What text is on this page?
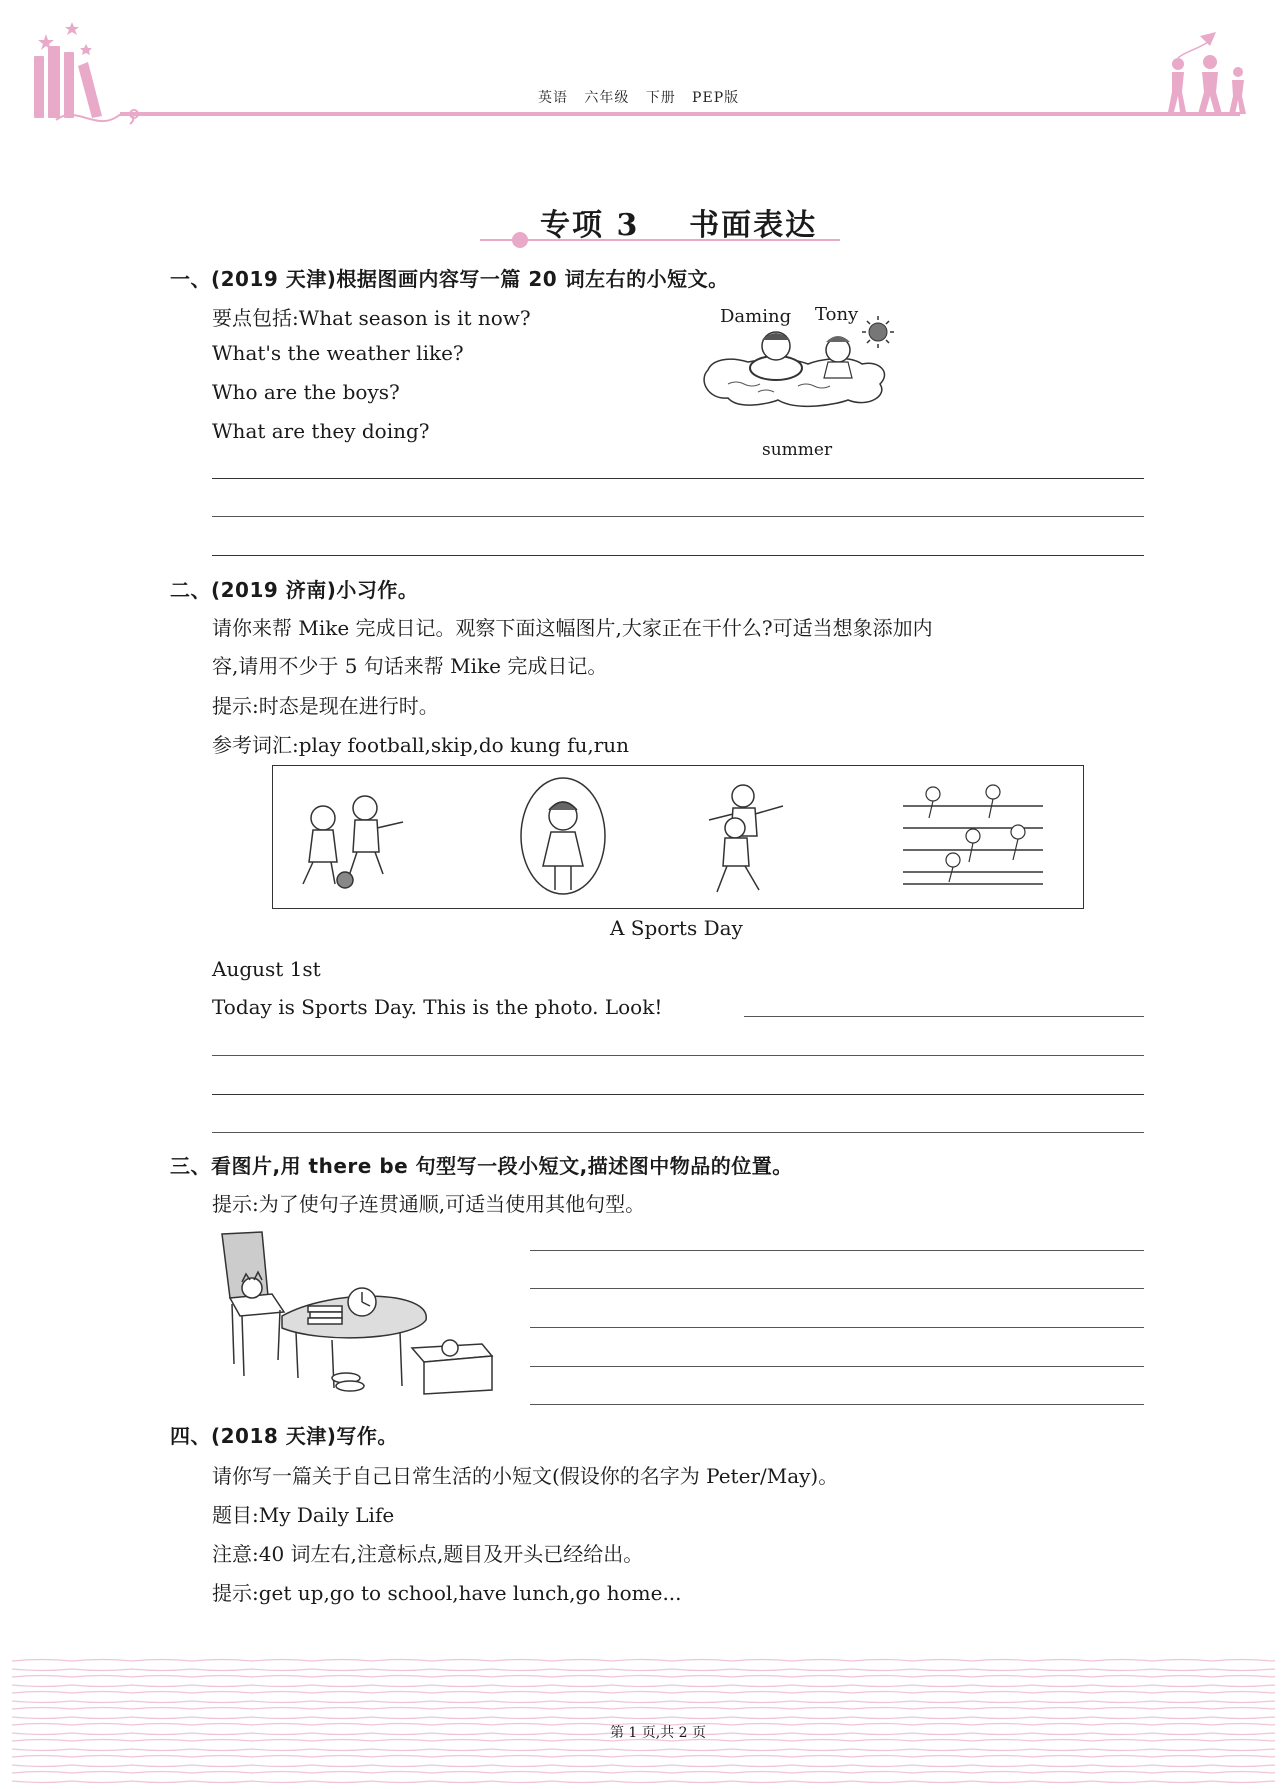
英语   六年级   下册   PEP版
专项 3    书面表达
一、(2019 天津)根据图画内容写一篇 20 词左右的小短文。
要点包括:What season is it now?
What's the weather like?
Who are the boys?
What are they doing?
Daming Tony
summer
二、(2019 济南)小习作。
请你来帮 Mike 完成日记。观察下面这幅图片,大家正在干什么?可适当想象添加内
容,请用不少于 5 句话来帮 Mike 完成日记。
提示:时态是现在进行时。
参考词汇:play football,skip,do kung fu,run
A Sports Day
August 1st
Today is Sports Day. This is the photo. Look!
三、看图片,用 there be 句型写一段小短文,描述图中物品的位置。
提示:为了使句子连贯通顺,可适当使用其他句型。
四、(2018 天津)写作。
请你写一篇关于自己日常生活的小短文(假设你的名字为 Peter/May)。
题目:My Daily Life
注意:40 词左右,注意标点,题目及开头已经给出。
提示:get up,go to school,have lunch,go home...
第 1 页,共 2 页
